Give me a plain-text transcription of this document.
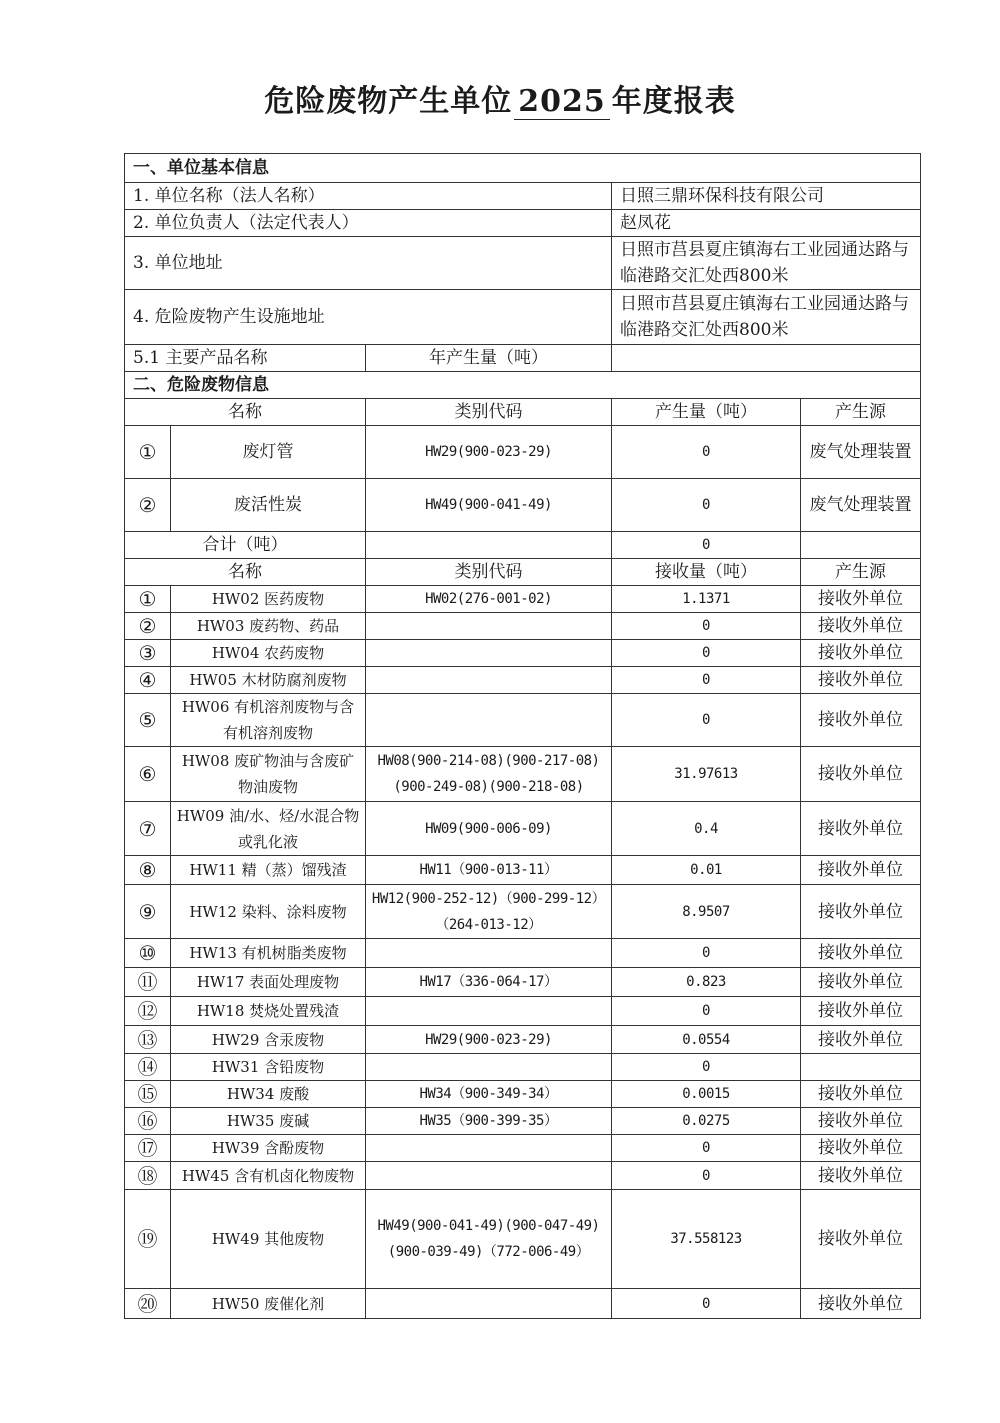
危险废物产生单位 2025 年度报表
一、单位基本信息				
1. 单位名称（法人名称）			日照三鼎环保科技有限公司	
2. 单位负责人（法定代表人）			赵凤花	
3. 单位地址			日照市莒县夏庄镇海右工业园通达路与临港路交汇处西800米	
4. 危险废物产生设施地址			日照市莒县夏庄镇海右工业园通达路与临港路交汇处西800米	
5.1 主要产品名称		年产生量（吨）		
二、危险废物信息				
名称		类别代码	产生量（吨）	产生源
①	废灯管	HW29(900-023-29)	0	废气处理装置
②	废活性炭	HW49(900-041-49)	0	废气处理装置
合计（吨）			0	
名称		类别代码	接收量（吨）	产生源
①	HW02 医药废物	HW02(276-001-02)	1.1371	接收外单位
②	HW03 废药物、药品		0	接收外单位
③	HW04 农药废物		0	接收外单位
④	HW05 木材防腐剂废物		0	接收外单位
⑤	HW06 有机溶剂废物与含有机溶剂废物		0	接收外单位
⑥	HW08 废矿物油与含废矿物油废物	HW08(900-214-08)(900-217-08)(900-249-08)(900-218-08)	31.97613	接收外单位
⑦	HW09 油/水、烃/水混合物或乳化液	HW09(900-006-09)	0.4	接收外单位
⑧	HW11 精（蒸）馏残渣	HW11（900-013-11）	0.01	接收外单位
⑨	HW12 染料、涂料废物	HW12(900-252-12)（900-299-12）（264-013-12）	8.9507	接收外单位
⑩	HW13 有机树脂类废物		0	接收外单位
⑪	HW17 表面处理废物	HW17（336-064-17）	0.823	接收外单位
⑫	HW18 焚烧处置残渣		0	接收外单位
⑬	HW29 含汞废物	HW29(900-023-29)	0.0554	接收外单位
⑭	HW31 含铅废物		0	
⑮	HW34 废酸	HW34（900-349-34）	0.0015	接收外单位
⑯	HW35 废碱	HW35（900-399-35）	0.0275	接收外单位
⑰	HW39 含酚废物		0	接收外单位
⑱	HW45 含有机卤化物废物		0	接收外单位
⑲	HW49 其他废物	HW49(900-041-49)(900-047-49)(900-039-49)（772-006-49）	37.558123	接收外单位
⑳	HW50 废催化剂		0	接收外单位
